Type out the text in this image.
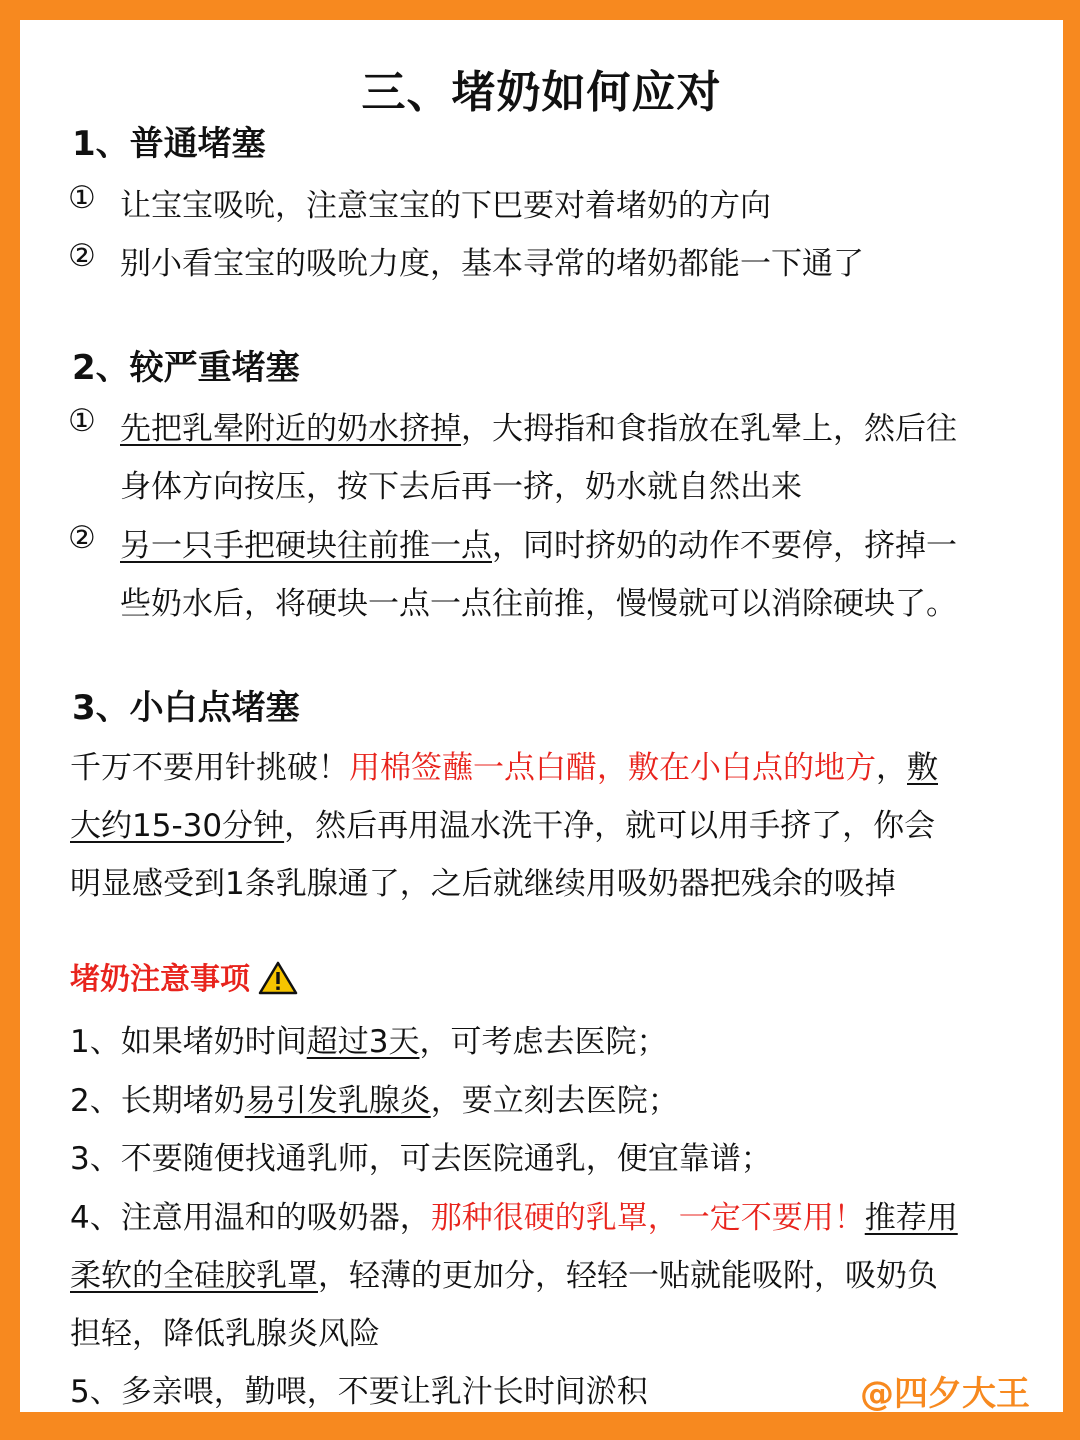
三、堵奶如何应对
1、普通堵塞
① 让宝宝吸吮，注意宝宝的下巴要对着堵奶的方向
② 别小看宝宝的吸吮力度，基本寻常的堵奶都能一下通了
2、较严重堵塞
① 先把乳晕附近的奶水挤掉，大拇指和食指放在乳晕上，然后往
身体方向按压，按下去后再一挤，奶水就自然出来
② 另一只手把硬块往前推一点，同时挤奶的动作不要停，挤掉一
些奶水后，将硬块一点一点往前推，慢慢就可以消除硬块了。
3、小白点堵塞
千万不要用针挑破！用棉签蘸一点白醋，敷在小白点的地方，敷
大约15-30分钟，然后再用温水洗干净，就可以用手挤了，你会
明显感受到1条乳腺通了，之后就继续用吸奶器把残余的吸掉
堵奶注意事项
1、如果堵奶时间超过3天，可考虑去医院；
2、长期堵奶易引发乳腺炎，要立刻去医院；
3、不要随便找通乳师，可去医院通乳，便宜靠谱；
4、注意用温和的吸奶器，那种很硬的乳罩，一定不要用！推荐用
柔软的全硅胶乳罩，轻薄的更加分，轻轻一贴就能吸附，吸奶负
担轻，降低乳腺炎风险
5、多亲喂，勤喂，不要让乳汁长时间淤积	@四夕大王
